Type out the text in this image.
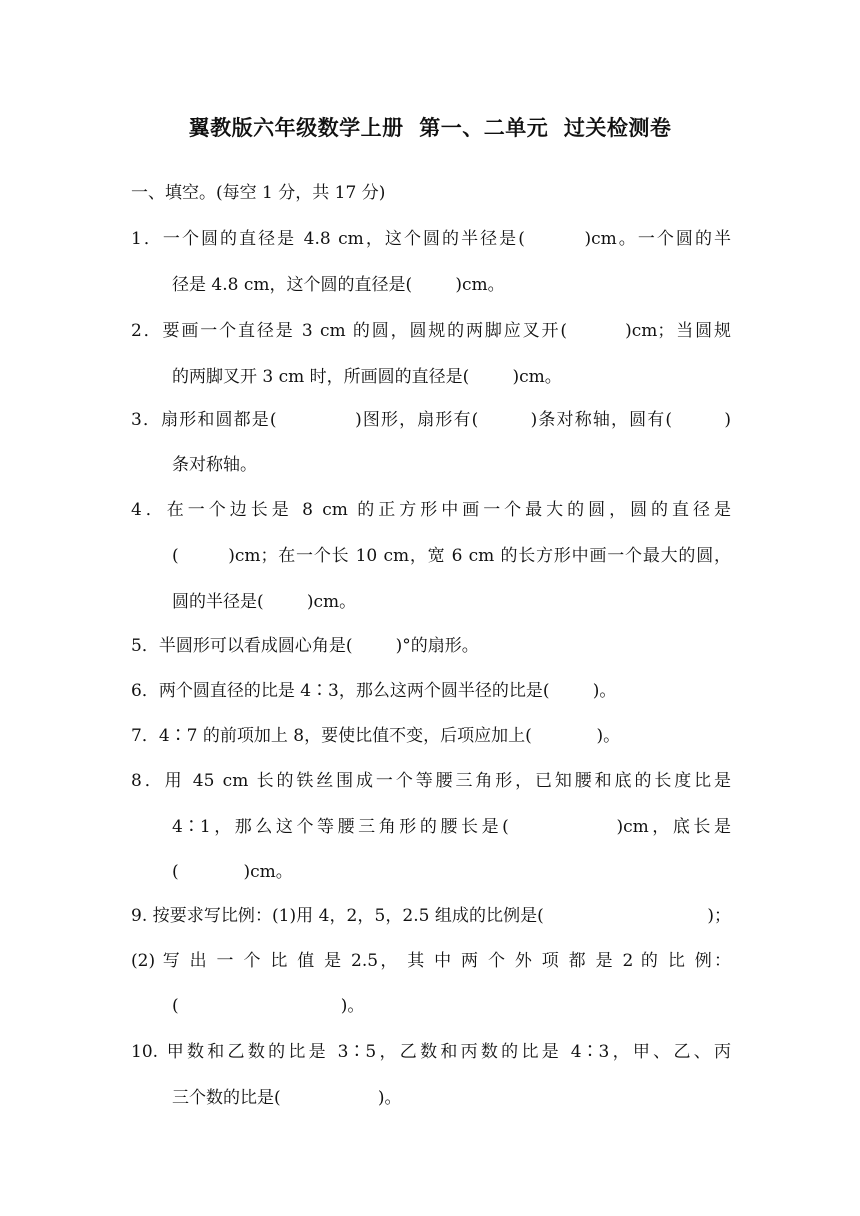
翼教版六年级数学上册  第一、二单元  过关检测卷
一、填空。(每空 1 分，共 17 分)
1．一个圆的直径是 4.8 cm，这个圆的半径是(        )cm。一个圆的半
径是 4.8 cm，这个圆的直径是(        )cm。
2．要画一个直径是 3 cm 的圆，圆规的两脚应叉开(        )cm；当圆规
的两脚叉开 3 cm 时，所画圆的直径是(        )cm。
3．扇形和圆都是(            )图形，扇形有(        )条对称轴，圆有(        )
条对称轴。
4．在一个边长是 8 cm 的正方形中画一个最大的圆，圆的直径是
(        )cm；在一个长 10 cm，宽 6 cm 的长方形中画一个最大的圆，
圆的半径是(        )cm。
5．半圆形可以看成圆心角是(        )°的扇形。
6．两个圆直径的比是 4∶3，那么这两个圆半径的比是(        )。
7．4∶7 的前项加上 8，要使比值不变，后项应加上(            )。
8．用 45 cm 长的铁丝围成一个等腰三角形，已知腰和底的长度比是
4∶1，那么这个等腰三角形的腰长是(            )cm，底长是
(            )cm。
9. 按要求写比例：(1)用 4，2，5，2.5 组成的比例是(                              )；
(2) 写 出 一 个 比 值 是 2.5， 其 中 两 个 外 项 都 是 2 的 比 例：
(                              )。
10. 甲数和乙数的比是 3∶5，乙数和丙数的比是 4∶3，甲、乙、丙
三个数的比是(                  )。
